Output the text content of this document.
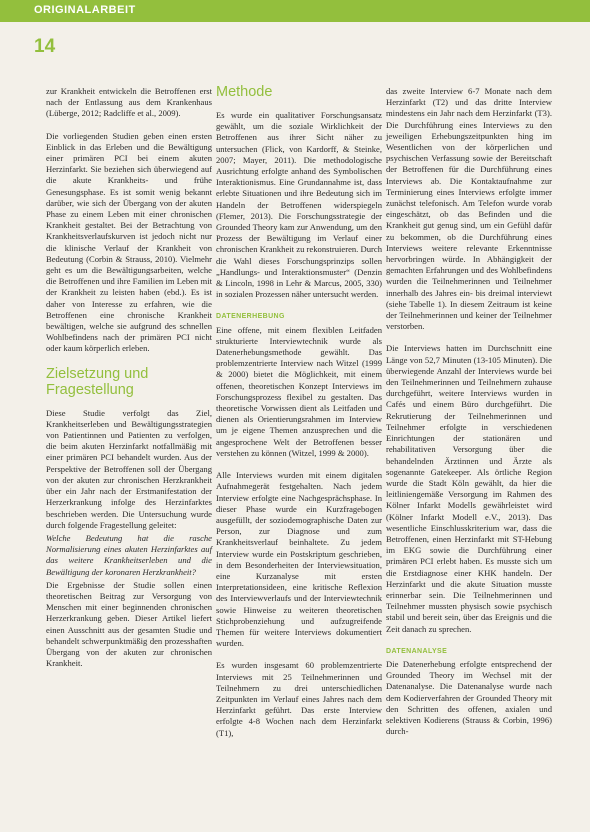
ORIGINALARBEIT
14

zur Krankheit entwickeln die Betroffenen erst nach der Entlassung aus dem Krankenhaus (Lüberge, 2012; Radcliffe et al., 2009).

Die vorliegenden Studien geben einen ersten Einblick in das Erleben und die Bewältigung einer primären PCI bei einem akuten Herzinfarkt. Sie beziehen sich überwiegend auf die akute Krankheits- und frühe Genesungsphase. Es ist somit wenig bekannt darüber, wie sich der Übergang von der akuten Phase zu einem Leben mit einer chronischen Krankheit gestaltet. Bei der Betrachtung von Krankheitsverlaufskurven ist jedoch nicht nur die klinische Verlauf der Krankheit von Bedeutung (Corbin & Strauss, 2010). Vielmehr geht es um die Bewältigungsarbeiten, welche die Betroffenen und ihre Familien im Leben mit der Krankheit zu leisten haben (ebd.). Es ist daher von Interesse zu erfahren, wie die Betroffenen eine chronische Krankheit bewältigen, welche sie aufgrund des schnellen Wohlbefindens nach der primären PCI nicht oder kaum körperlich erleben.

Zielsetzung und Fragestellung

Diese Studie verfolgt das Ziel, Krankheitserleben und Bewältigungsstrategien von Patientinnen und Patienten zu verfolgen, die beim akuten Herzinfarkt notfallmäßig mit einer primären PCI behandelt wurden. Aus der Perspektive der Betroffenen soll der Übergang von der akuten zur chronischen Herzkrankheit über ein Jahr nach der Erstmanifestation der Herzerkrankung infolge des Herzinfarktes beschrieben werden. Die Untersuchung wurde durch folgende Fragestellung geleitet:

Welche Bedeutung hat die rasche Normalisierung eines akuten Herzinfarktes auf das weitere Krankheitserleben und die Bewältigung der koronaren Herzkrankheit?

Die Ergebnisse der Studie sollen einen theoretischen Beitrag zur Versorgung von Menschen mit einer beginnenden chronischen Herzerkrankung geben. Dieser Artikel liefert einen Ausschnitt aus der gesamten Studie und behandelt schwerpunktmäßig den prozesshaften Übergang von der akuten zur chronischen Krankheit.

Methode

Es wurde ein qualitativer Forschungsansatz gewählt, um die soziale Wirklichkeit der Betroffenen aus ihrer Sicht näher zu untersuchen (Flick, von Kardorff, & Steinke, 2007; Mayer, 2011). Die methodologische Ausrichtung erfolgte anhand des Symbolischen Interaktionismus. Eine Grundannahme ist, dass erlebte Situationen und ihre Bedeutung sich im Handeln der Betroffenen widerspiegeln (Flemer, 2013). Die Forschungsstrategie der Grounded Theory kam zur Anwendung, um den Prozess der Bewältigung im Verlauf einer chronischen Krankheit zu rekonstruieren. Durch die Wahl dieses Forschungsprinzips sollen „Handlungs- und Interaktionsmuster“ (Denzin & Lincoln, 1998 in Lehr & Marcus, 2005, 330) in sozialen Prozessen näher untersucht werden.

DATENERHEBUNG

Eine offene, mit einem flexiblen Leitfaden strukturierte Interviewtechnik wurde als Datenerhebungsmethode gewählt. Das problemzentrierte Interview nach Witzel (1999 & 2000) bietet die Möglichkeit, mit einem offenen, theoretischen Konzept Interviews im Forschungsprozess flexibel zu gestalten. Das theoretische Vorwissen dient als Leitfaden und dienen als Orientierungsrahmen im Interview um je eigene Themen anzusprechen und die angesprochene Welt der Betroffenen besser verstehen zu können (Witzel, 1999 & 2000).

Alle Interviews wurden mit einem digitalen Aufnahmegerät festgehalten. Nach jedem Interview erfolgte eine Nachgesprächsphase. In dieser Phase wurde ein Kurzfragebogen ausgefüllt, der soziodemographische Daten zur Person, zur Diagnose und zum Krankheitsverlauf beinhaltete. Zu jedem Interview wurde ein Postskriptum geschrieben, in dem Besonderheiten der Interviewsituation, eine Kurzanalyse mit ersten Interpretationsideen, eine kritische Reflexion des Interviewverlaufs und der Interviewtechnik sowie Hinweise zu weiteren theoretischen Stichprobenziehung und aufzugreifende Themen für weitere Interviews dokumentiert wurden.

Es wurden insgesamt 60 problemzentrierte Interviews mit 25 Teilnehmerinnen und Teilnehmern zu drei unterschiedlichen Zeitpunkten im Verlauf eines Jahres nach dem Herzinfarkt geführt. Das erste Interview erfolgte 4-8 Wochen nach dem Herzinfarkt (T1),

das zweite Interview 6-7 Monate nach dem Herzinfarkt (T2) und das dritte Interview mindestens ein Jahr nach dem Herzinfarkt (T3). Die Durchführung eines Interviews zu den jeweiligen Erhebungszeitpunkten hing im Wesentlichen von der körperlichen und psychischen Verfassung sowie der Bereitschaft der Betroffenen für die Durchführung eines Interviews ab. Die Kontaktaufnahme zur Terminierung eines Interviews erfolgte immer zunächst telefonisch. Am Telefon wurde vorab eingeschätzt, ob das Befinden und die Krankheit gut genug sind, um ein Gefühl dafür zu bekommen, ob die Durchführung eines Interviews weitere relevante Erkenntnisse hervorbringen würde. In Abhängigkeit der gemachten Erfahrungen und des Wohlbefindens wurden die Teilnehmerinnen und Teilnehmer innerhalb des Jahres ein- bis dreimal interviewt (siehe Tabelle 1). In diesem Zeitraum ist keine der Teilnehmerinnen und keiner der Teilnehmer verstorben.

Die Interviews hatten im Durchschnitt eine Länge von 52,7 Minuten (13-105 Minuten). Die überwiegende Anzahl der Interviews wurde bei den Teilnehmerinnen und Teilnehmern zuhause durchgeführt, weitere Interviews wurden in Cafés und einem Büro durchgeführt. Die Rekrutierung der Teilnehmerinnen und Teilnehmer erfolgte in verschiedenen Einrichtungen der stationären und rehabilitativen Versorgung über die behandelnden Ärztinnen und Ärzte als sogenannte Gatekeeper. Als örtliche Region wurde die Stadt Köln gewählt, da hier die leitliniengemäße Versorgung im Rahmen des Kölner Infarkt Modells gewährleistet wird (Kölner Infarkt Modell e.V., 2013). Das wesentliche Einschlusskriterium war, dass die Betroffenen, einen Herzinfarkt mit ST-Hebung im EKG sowie die Durchführung einer primären PCI erlebt haben. Es musste sich um die Erstdiagnose einer KHK handeln. Der Herzinfarkt und die akute Situation musste erinnerbar sein. Die Teilnehmerinnen und Teilnehmer mussten physisch sowie psychisch stabil und bereit sein, über das Ereignis und die Zeit danach zu sprechen.

DATENANALYSE

Die Datenerhebung erfolgte entsprechend der Grounded Theory im Wechsel mit der Datenanalyse. Die Datenanalyse wurde nach dem Kodierverfahren der Grounded Theory mit den Schritten des offenen, axialen und selektiven Kodierens (Strauss & Corbin, 1996) durch-
